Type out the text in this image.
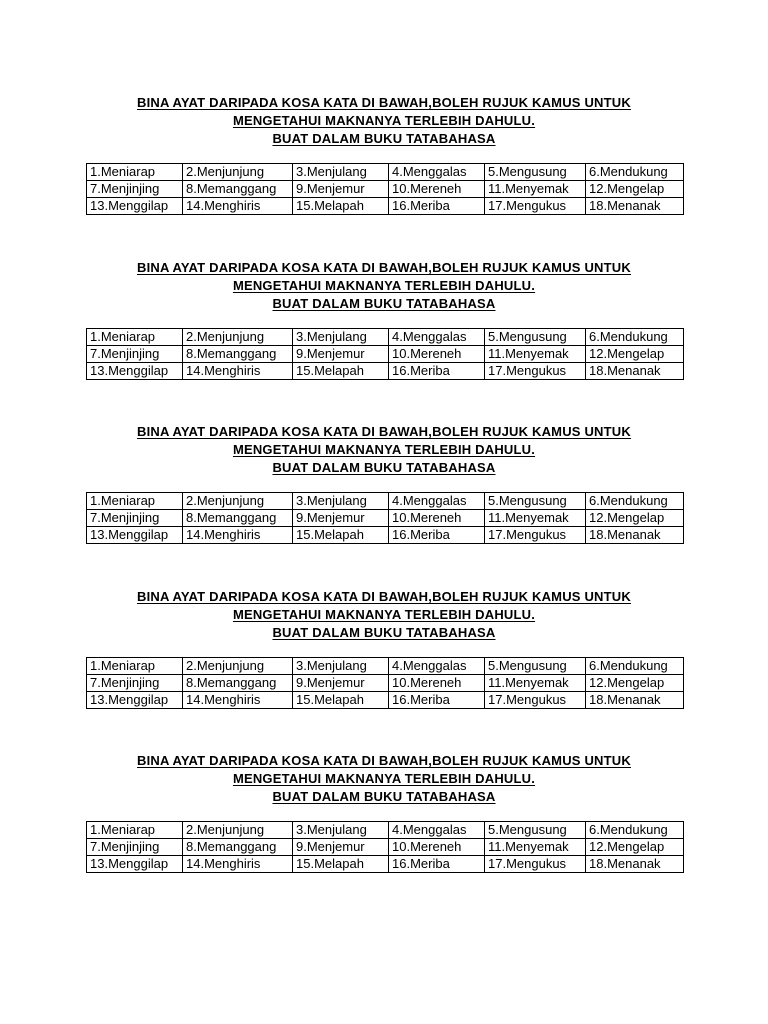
BINA AYAT DARIPADA KOSA KATA DI BAWAH,BOLEH RUJUK KAMUS UNTUK
MENGETAHUI MAKNANYA TERLEBIH DAHULU.
BUAT DALAM BUKU TATABAHASA
1.Meniarap	2.Menjunjung	3.Menjulang	4.Menggalas	5.Mengusung	6.Mendukung
7.Menjinjing	8.Memanggang	9.Menjemur	10.Mereneh	11.Menyemak	12.Mengelap
13.Menggilap	14.Menghiris	15.Melapah	16.Meriba	17.Mengukus	18.Menanak
BINA AYAT DARIPADA KOSA KATA DI BAWAH,BOLEH RUJUK KAMUS UNTUK
MENGETAHUI MAKNANYA TERLEBIH DAHULU.
BUAT DALAM BUKU TATABAHASA
1.Meniarap	2.Menjunjung	3.Menjulang	4.Menggalas	5.Mengusung	6.Mendukung
7.Menjinjing	8.Memanggang	9.Menjemur	10.Mereneh	11.Menyemak	12.Mengelap
13.Menggilap	14.Menghiris	15.Melapah	16.Meriba	17.Mengukus	18.Menanak
BINA AYAT DARIPADA KOSA KATA DI BAWAH,BOLEH RUJUK KAMUS UNTUK
MENGETAHUI MAKNANYA TERLEBIH DAHULU.
BUAT DALAM BUKU TATABAHASA
1.Meniarap	2.Menjunjung	3.Menjulang	4.Menggalas	5.Mengusung	6.Mendukung
7.Menjinjing	8.Memanggang	9.Menjemur	10.Mereneh	11.Menyemak	12.Mengelap
13.Menggilap	14.Menghiris	15.Melapah	16.Meriba	17.Mengukus	18.Menanak
BINA AYAT DARIPADA KOSA KATA DI BAWAH,BOLEH RUJUK KAMUS UNTUK
MENGETAHUI MAKNANYA TERLEBIH DAHULU.
BUAT DALAM BUKU TATABAHASA
1.Meniarap	2.Menjunjung	3.Menjulang	4.Menggalas	5.Mengusung	6.Mendukung
7.Menjinjing	8.Memanggang	9.Menjemur	10.Mereneh	11.Menyemak	12.Mengelap
13.Menggilap	14.Menghiris	15.Melapah	16.Meriba	17.Mengukus	18.Menanak
BINA AYAT DARIPADA KOSA KATA DI BAWAH,BOLEH RUJUK KAMUS UNTUK
MENGETAHUI MAKNANYA TERLEBIH DAHULU.
BUAT DALAM BUKU TATABAHASA
1.Meniarap	2.Menjunjung	3.Menjulang	4.Menggalas	5.Mengusung	6.Mendukung
7.Menjinjing	8.Memanggang	9.Menjemur	10.Mereneh	11.Menyemak	12.Mengelap
13.Menggilap	14.Menghiris	15.Melapah	16.Meriba	17.Mengukus	18.Menanak
